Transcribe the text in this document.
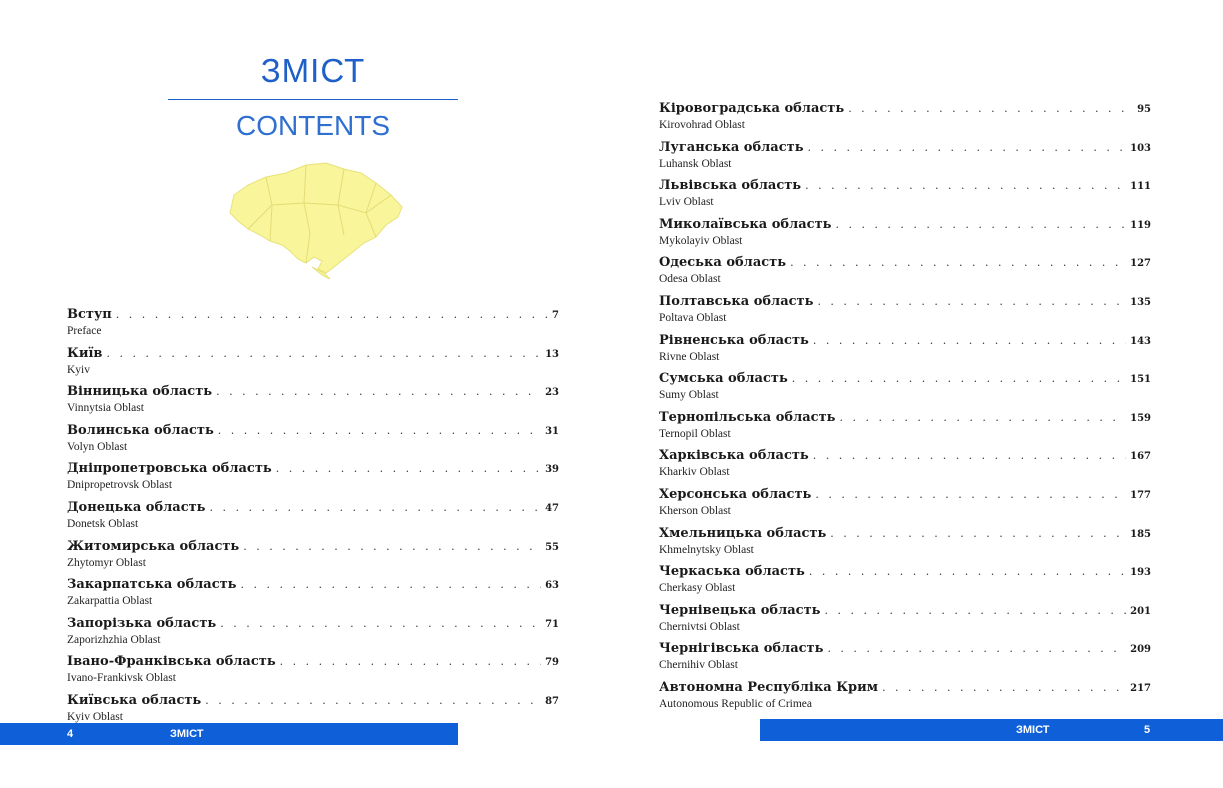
ЗМІСТ
CONTENTS
Вступ . . .	7
Preface
Київ . . .	13
Kyiv
Вінницька область . . .	23
Vinnytsia Oblast
Волинська область . . .	31
Volyn Oblast
Дніпропетровська область . . .	39
Dnipropetrovsk Oblast
Донецька область . . .	47
Donetsk Oblast
Житомирська область . . .	55
Zhytomyr Oblast
Закарпатська область . . .	63
Zakarpattia Oblast
Запорізька область . . .	71
Zaporizhzhia Oblast
Івано-Франківська область . . .	79
Ivano-Frankivsk Oblast
Київська область . . .	87
Kyiv Oblast
4	ЗМІСТ
Кіровоградська область . . .	95
Kirovohrad Oblast
Луганська область . . .	103
Luhansk Oblast
Львівська область . . .	111
Lviv Oblast
Миколаївська область . . .	119
Mykolayiv Oblast
Одеська область . . .	127
Odesa Oblast
Полтавська область . . .	135
Poltava Oblast
Рівненська область . . .	143
Rivne Oblast
Сумська область . . .	151
Sumy Oblast
Тернопільська область . . .	159
Ternopil Oblast
Харківська область . . .	167
Kharkiv Oblast
Херсонська область . . .	177
Kherson Oblast
Хмельницька область . . .	185
Khmelnytsky Oblast
Черкаська область . . .	193
Cherkasy Oblast
Чернівецька область . . .	201
Chernivtsi Oblast
Чернігівська область . . .	209
Chernihiv Oblast
Автономна Республіка Крим . . .	217
Autonomous Republic of Crimea
ЗМІСТ	5
